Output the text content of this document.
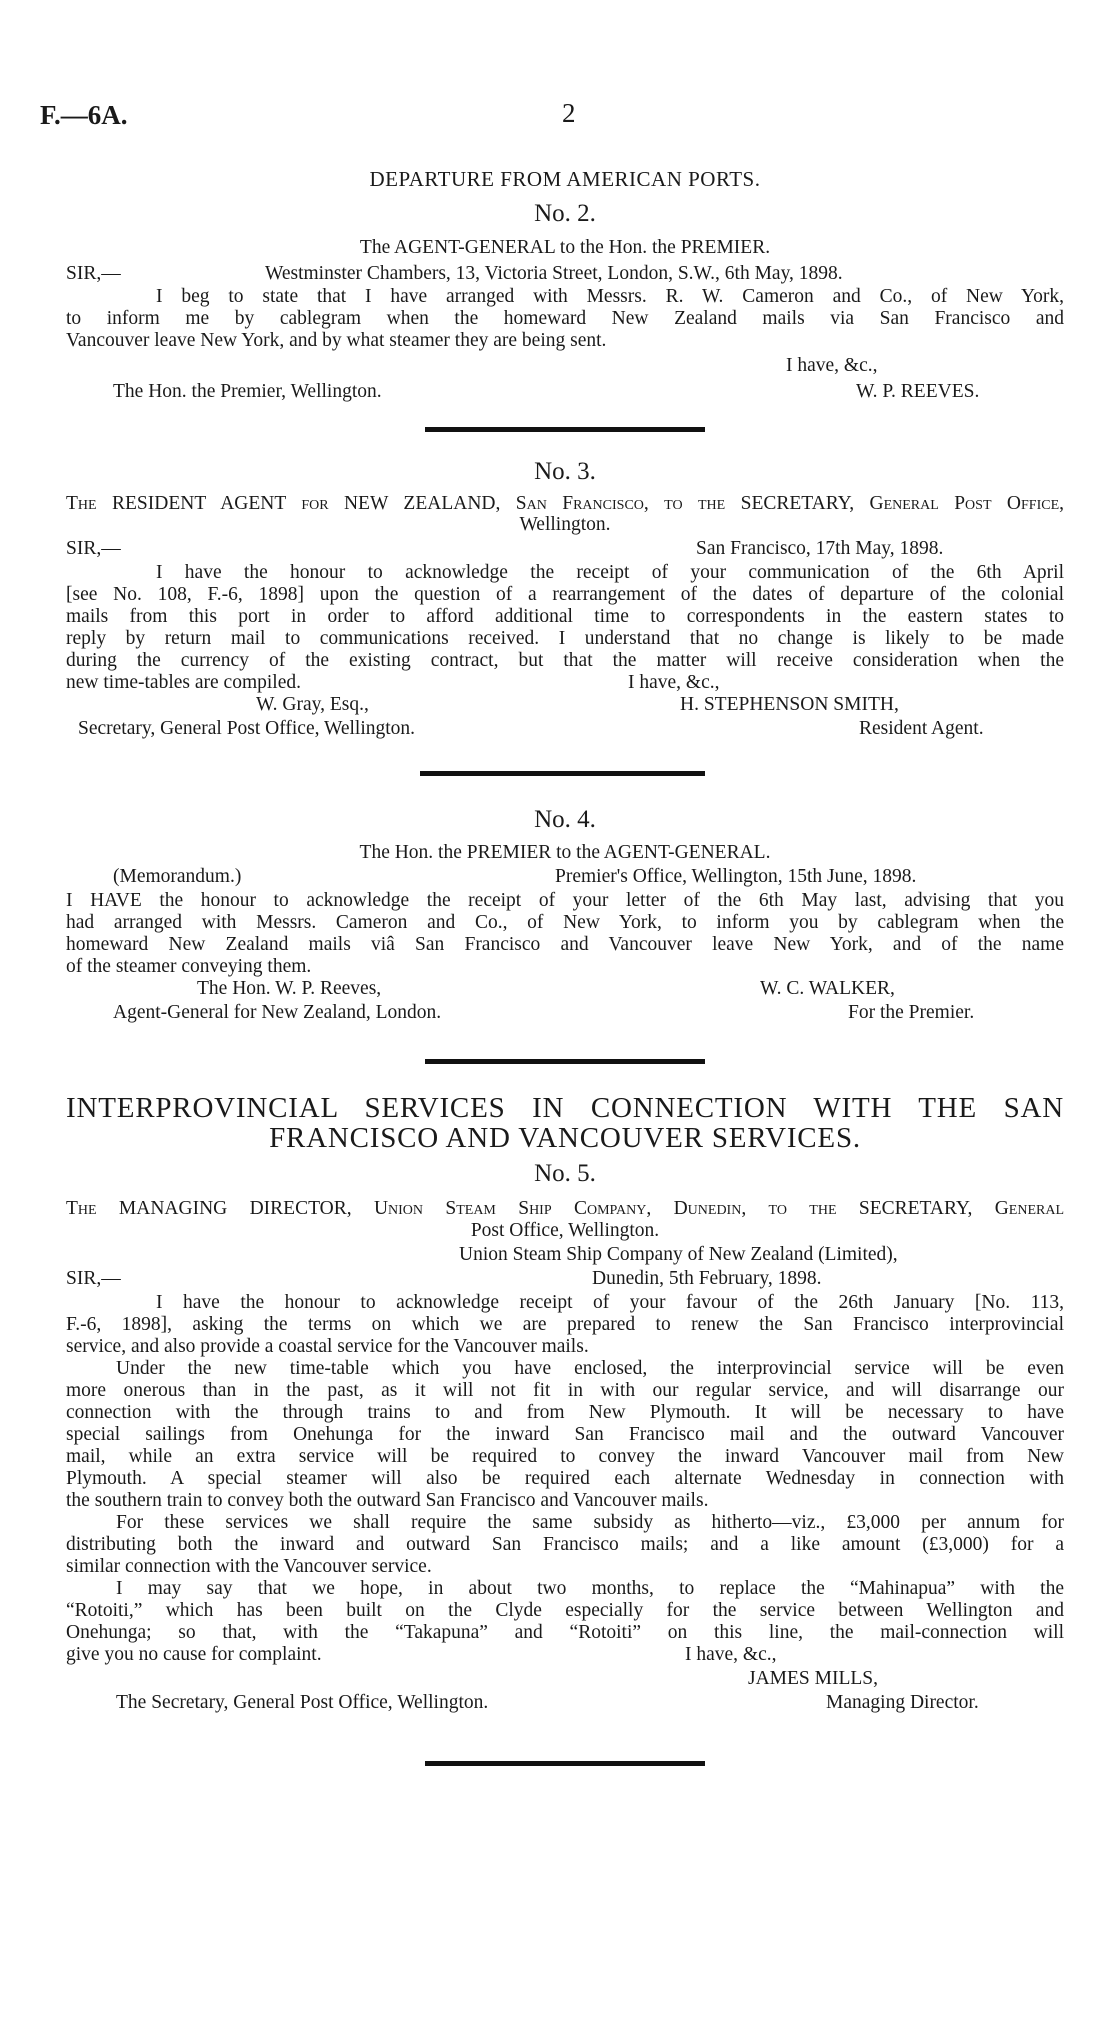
F.—6A.	2
DEPARTURE FROM AMERICAN PORTS.
No. 2.
The AGENT-GENERAL to the Hon. the PREMIER.
SIR,—	Westminster Chambers, 13, Victoria Street, London, S.W., 6th May, 1898.
I beg to state that I have arranged with Messrs. R. W. Cameron and Co., of New York,
to inform me by cablegram when the homeward New Zealand mails via San Francisco and
Vancouver leave New York, and by what steamer they are being sent.
I have, &c.,
The Hon. the Premier, Wellington.	W. P. REEVES.
No. 3.
The RESIDENT AGENT for NEW ZEALAND, San Francisco, to the SECRETARY, General Post Office,
Wellington.
SIR,—	San Francisco, 17th May, 1898.
I have the honour to acknowledge the receipt of your communication of the 6th April
[see No. 108, F.-6, 1898] upon the question of a rearrangement of the dates of departure of the colonial
mails from this port in order to afford additional time to correspondents in the eastern states to
reply by return mail to communications received. I understand that no change is likely to be made
during the currency of the existing contract, but that the matter will receive consideration when the
new time-tables are compiled.	I have, &c.,
W. Gray, Esq.,	H. STEPHENSON SMITH,
Secretary, General Post Office, Wellington.	Resident Agent.
No. 4.
The Hon. the PREMIER to the AGENT-GENERAL.
(Memorandum.)	Premier's Office, Wellington, 15th June, 1898.
I HAVE the honour to acknowledge the receipt of your letter of the 6th May last, advising that you
had arranged with Messrs. Cameron and Co., of New York, to inform you by cablegram when the
homeward New Zealand mails viâ San Francisco and Vancouver leave New York, and of the name
of the steamer conveying them.
The Hon. W. P. Reeves,	W. C. WALKER,
Agent-General for New Zealand, London.	For the Premier.
INTERPROVINCIAL SERVICES IN CONNECTION WITH THE SAN
FRANCISCO AND VANCOUVER SERVICES.
No. 5.
The MANAGING DIRECTOR, Union Steam Ship Company, Dunedin, to the SECRETARY, General
Post Office, Wellington.
Union Steam Ship Company of New Zealand (Limited),
SIR,—	Dunedin, 5th February, 1898.
I have the honour to acknowledge receipt of your favour of the 26th January [No. 113,
F.-6, 1898], asking the terms on which we are prepared to renew the San Francisco interprovincial
service, and also provide a coastal service for the Vancouver mails.
Under the new time-table which you have enclosed, the interprovincial service will be even
more onerous than in the past, as it will not fit in with our regular service, and will disarrange our
connection with the through trains to and from New Plymouth. It will be necessary to have
special sailings from Onehunga for the inward San Francisco mail and the outward Vancouver
mail, while an extra service will be required to convey the inward Vancouver mail from New
Plymouth. A special steamer will also be required each alternate Wednesday in connection with
the southern train to convey both the outward San Francisco and Vancouver mails.
For these services we shall require the same subsidy as hitherto—viz., £3,000 per annum for
distributing both the inward and outward San Francisco mails; and a like amount (£3,000) for a
similar connection with the Vancouver service.
I may say that we hope, in about two months, to replace the “Mahinapua” with the
“Rotoiti,” which has been built on the Clyde especially for the service between Wellington and
Onehunga; so that, with the “Takapuna” and “Rotoiti” on this line, the mail-connection will
give you no cause for complaint.	I have, &c.,
JAMES MILLS,
The Secretary, General Post Office, Wellington.	Managing Director.
